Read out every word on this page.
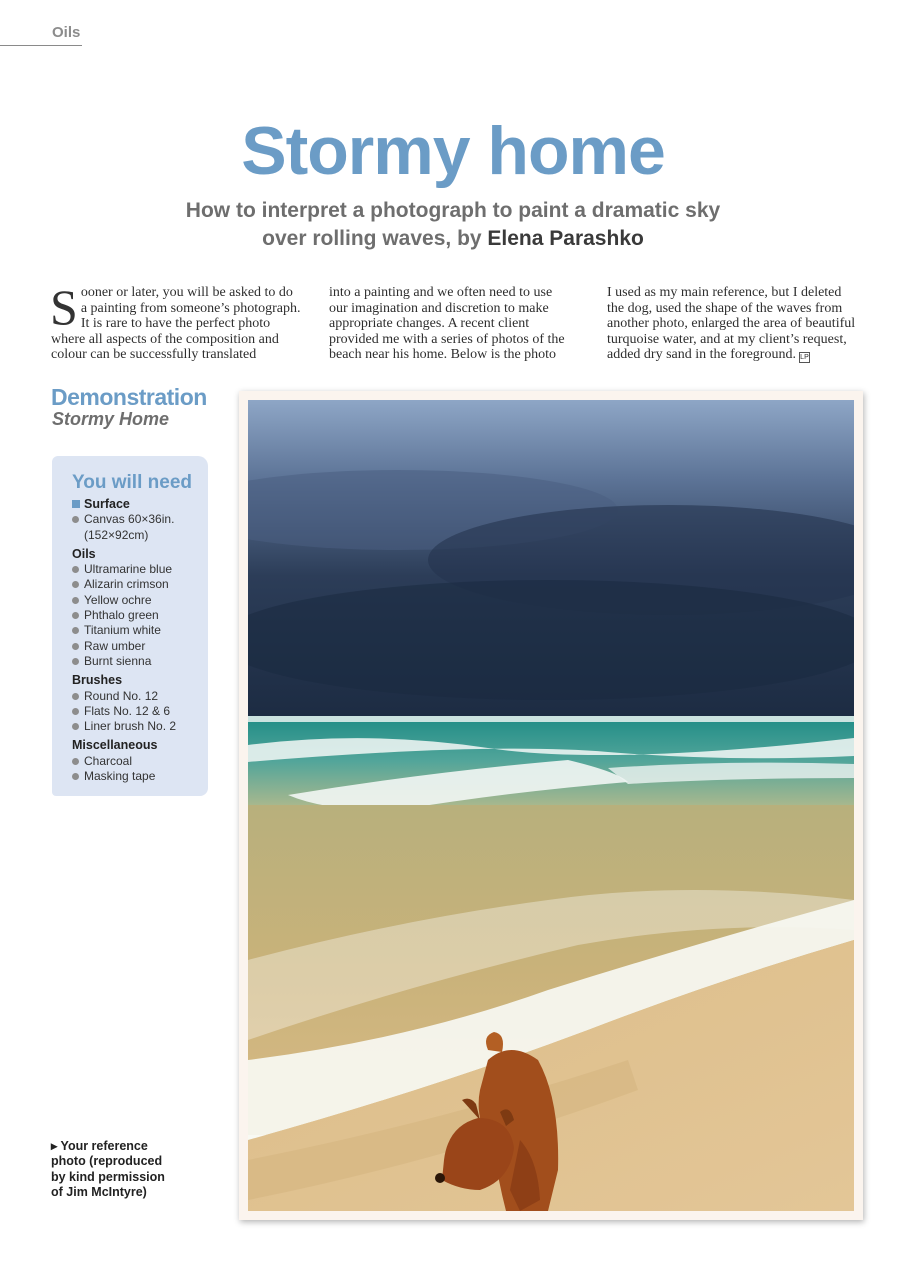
Oils
Stormy home
How to interpret a photograph to paint a dramatic sky
over rolling waves, by Elena Parashko
S ooner or later, you will be asked to do
a painting from someone’s photograph.
It is rare to have the perfect photo
where all aspects of the composition and
colour can be successfully translated
into a painting and we often need to use
our imagination and discretion to make
appropriate changes. A recent client
provided me with a series of photos of the
beach near his home. Below is the photo
I used as my main reference, but I deleted
the dog, used the shape of the waves from
another photo, enlarged the area of beautiful
turquoise water, and at my client’s request,
added dry sand in the foreground. LP
Demonstration
Stormy Home
You will need
Surface
Canvas 60×36in.
(152×92cm)
Oils
Ultramarine blue
Alizarin crimson
Yellow ochre
Phthalo green
Titanium white
Raw umber
Burnt sienna
Brushes
Round No. 12
Flats No. 12 & 6
Liner brush No. 2
Miscellaneous
Charcoal
Masking tape
▸ Your reference
photo (reproduced
by kind permission
of Jim McIntyre)
